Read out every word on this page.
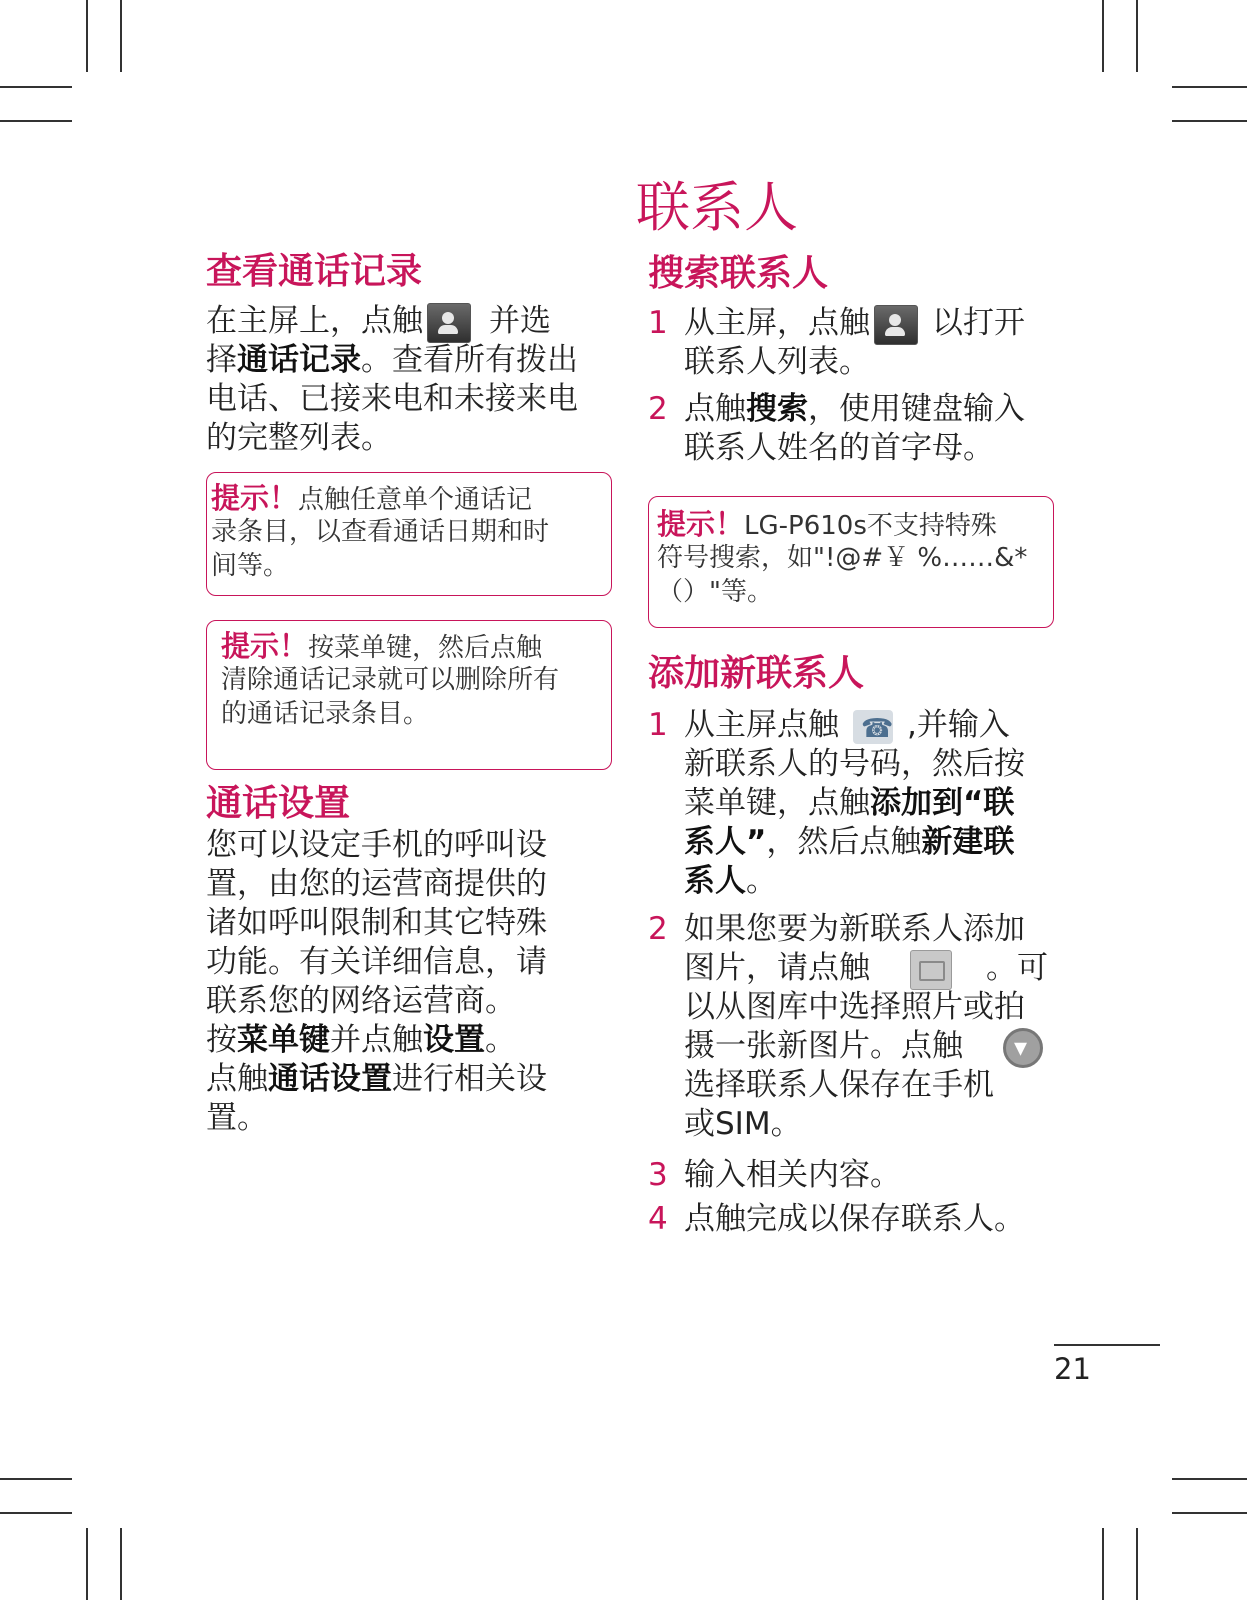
联系人
查看通话记录
在主屏上，点触 并选
择通话记录。查看所有拨出
电话、已接来电和未接来电
的完整列表。
提示！点触任意单个通话记
录条目，以查看通话日期和时
间等。
提示！按菜单键，然后点触
清除通话记录就可以删除所有
的通话记录条目。
通话设置
您可以设定手机的呼叫设
置，由您的运营商提供的
诸如呼叫限制和其它特殊
功能。有关详细信息，请
联系您的网络运营商。
按菜单键并点触设置。
点触通话设置进行相关设
置。
搜索联系人
1 从主屏，点触 以打开
联系人列表。
2 点触搜索，使用键盘输入
联系人姓名的首字母。
提示！LG-P610s不支持特殊
符号搜索，如"!@#￥ %……&*
（）"等。
添加新联系人
1 从主屏点触☎ ,并输入
新联系人的号码，然后按
菜单键，点触添加到“联
系人”，然后点触新建联
系人。
2 如果您要为新联系人添加
图片，请点触	。可
以从图库中选择照片或拍
摄一张新图片。点触▾
选择联系人保存在手机
或SIM。
3 输入相关内容。
4 点触完成以保存联系人。
21
